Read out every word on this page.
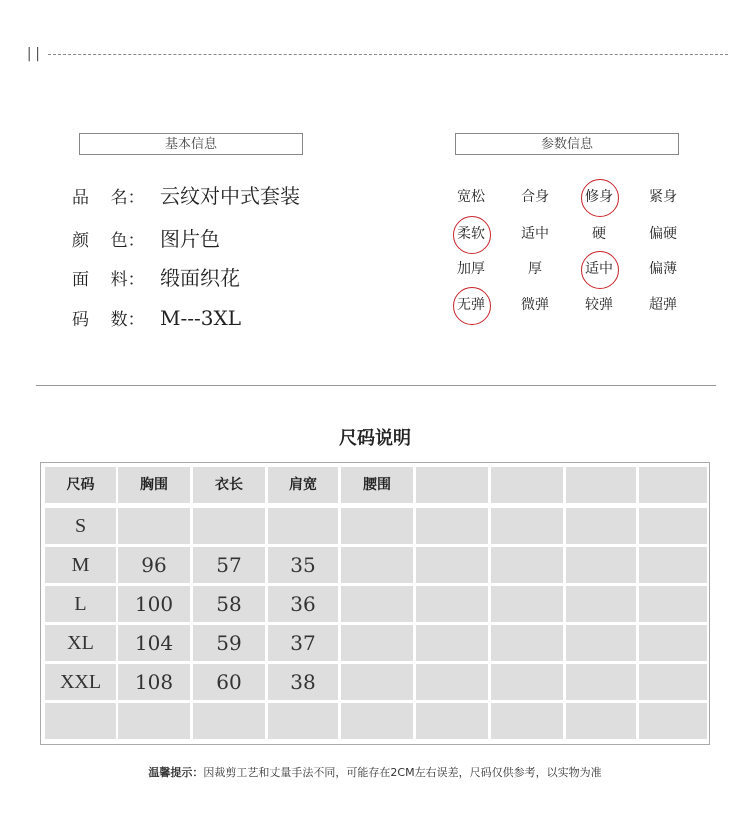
||
基本信息
品    名： 云纹对中式套装
颜    色： 图片色
面    料： 缎面织花
码    数： M---3XL
参数信息
宽松	合身	修身	紧身
柔软	适中	硬	偏硬
加厚	厚	适中	偏薄
无弹	微弹	较弹	超弹
尺码说明
尺码	胸围	衣长	肩宽	腰围
S
M	96	57	35
L	100	58	36
XL	104	59	37
XXL	108	60	38
温馨提示：因裁剪工艺和丈量手法不同，可能存在2CM左右误差，尺码仅供参考，以实物为准
